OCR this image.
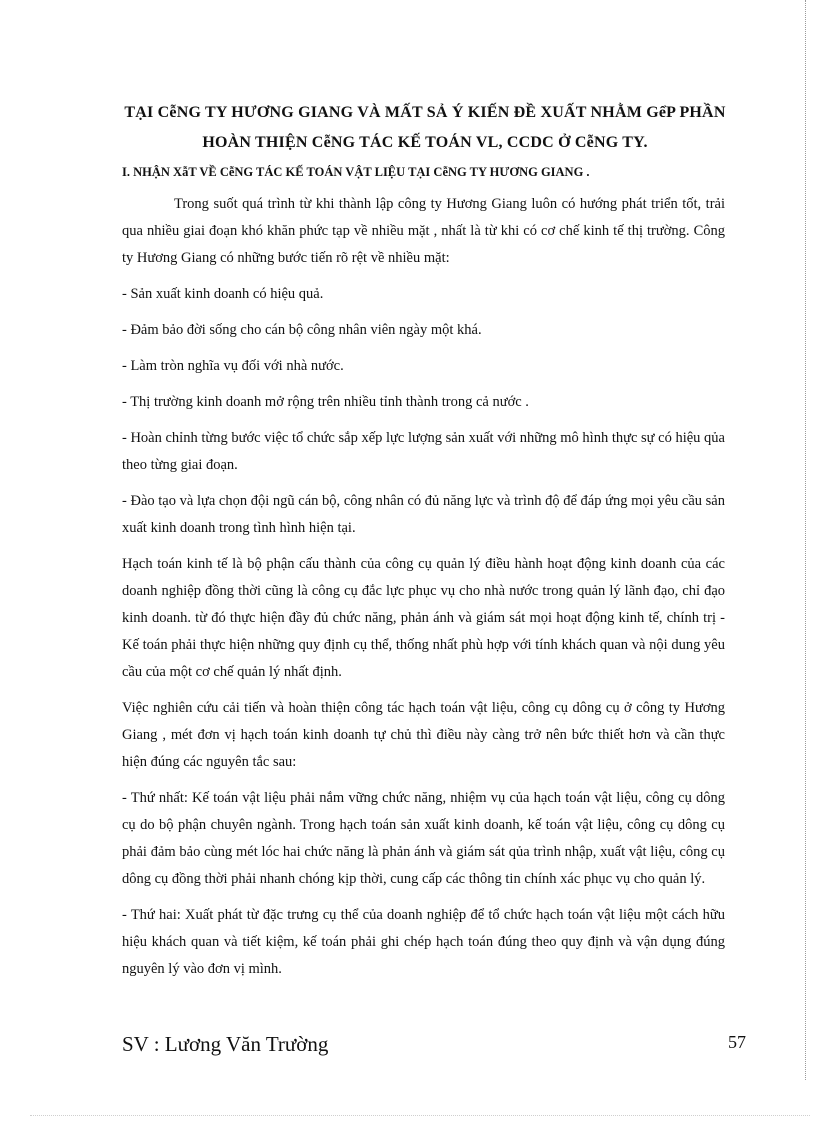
TẠI CễNG TY HƯƠNG GIANG VÀ MẤT SẢ Ý KIẾN ĐỀ XUẤT NHẰM GểP PHẦN
HOÀN THIỆN CễNG TÁC KẾ TOÁN VL, CCDC Ở CễNG TY.
I. NHẬN XẫT VỀ CễNG TÁC KẾ TOÁN VẬT LIỆU TẠI CễNG TY HƯƠNG GIANG .

Trong suốt quá trình từ khi thành lập công ty Hương Giang luôn có hướng phát triển tốt, trải qua nhiều giai đoạn khó khăn phức tạp về nhiều mặt , nhất là từ khi có cơ chế kinh tế thị trường. Công ty Hương Giang có những bước tiến rõ rệt về nhiều mặt:

- Sản xuất kinh doanh có hiệu quả.

- Đảm bảo đời sống cho cán bộ công nhân viên ngày một khá.

- Làm tròn nghĩa vụ đối với nhà nước.

- Thị trường kinh doanh mở rộng trên nhiều tỉnh thành trong cả nước .

- Hoàn chỉnh từng bước việc tổ chức sắp xếp lực lượng sản xuất với những mô hình thực sự có hiệu qủa theo từng giai đoạn.

- Đào tạo và lựa chọn đội ngũ cán bộ, công nhân có đủ năng lực và trình độ để đáp ứng mọi yêu cầu sản xuất kinh doanh trong tình hình hiện tại.

Hạch toán kinh tế là bộ phận cấu thành của công cụ quản lý điều hành hoạt động kinh doanh của các doanh nghiệp đồng thời cũng là công cụ đắc lực phục vụ cho nhà nước trong quản lý lãnh đạo, chỉ đạo kinh doanh. từ đó thực hiện đầy đủ chức năng, phản ánh và giám sát mọi hoạt động kinh tế, chính trị - Kế toán phải thực hiện những quy định cụ thể, thống nhất phù hợp với tính khách quan và nội dung yêu cầu của một cơ chế quản lý nhất định.

Việc nghiên cứu cải tiến và hoàn thiện công tác hạch toán vật liệu, công cụ dông cụ ở công ty Hương Giang , mét đơn vị hạch toán kinh doanh tự chủ thì điều này càng trở nên bức thiết hơn và cần thực hiện đúng các nguyên tắc sau:

- Thứ nhất: Kế toán vật liệu phải nắm vững chức năng, nhiệm vụ của hạch toán vật liệu, công cụ dông cụ do bộ phận chuyên ngành. Trong hạch toán sản xuất kinh doanh, kế toán vật liệu, công cụ dông cụ phải đảm bảo cùng mét lóc hai chức năng là phản ánh và giám sát qủa trình nhập, xuất vật liệu, công cụ dông cụ đồng thời phải nhanh chóng kịp thời, cung cấp các thông tin chính xác phục vụ cho quản lý.

- Thứ hai: Xuất phát từ đặc trưng cụ thể của doanh nghiệp để tổ chức hạch toán vật liệu một cách hữu hiệu khách quan và tiết kiệm, kế toán phải ghi chép hạch toán đúng theo quy định và vận dụng đúng nguyên lý vào đơn vị mình.

SV : Lương Văn Trường	57
